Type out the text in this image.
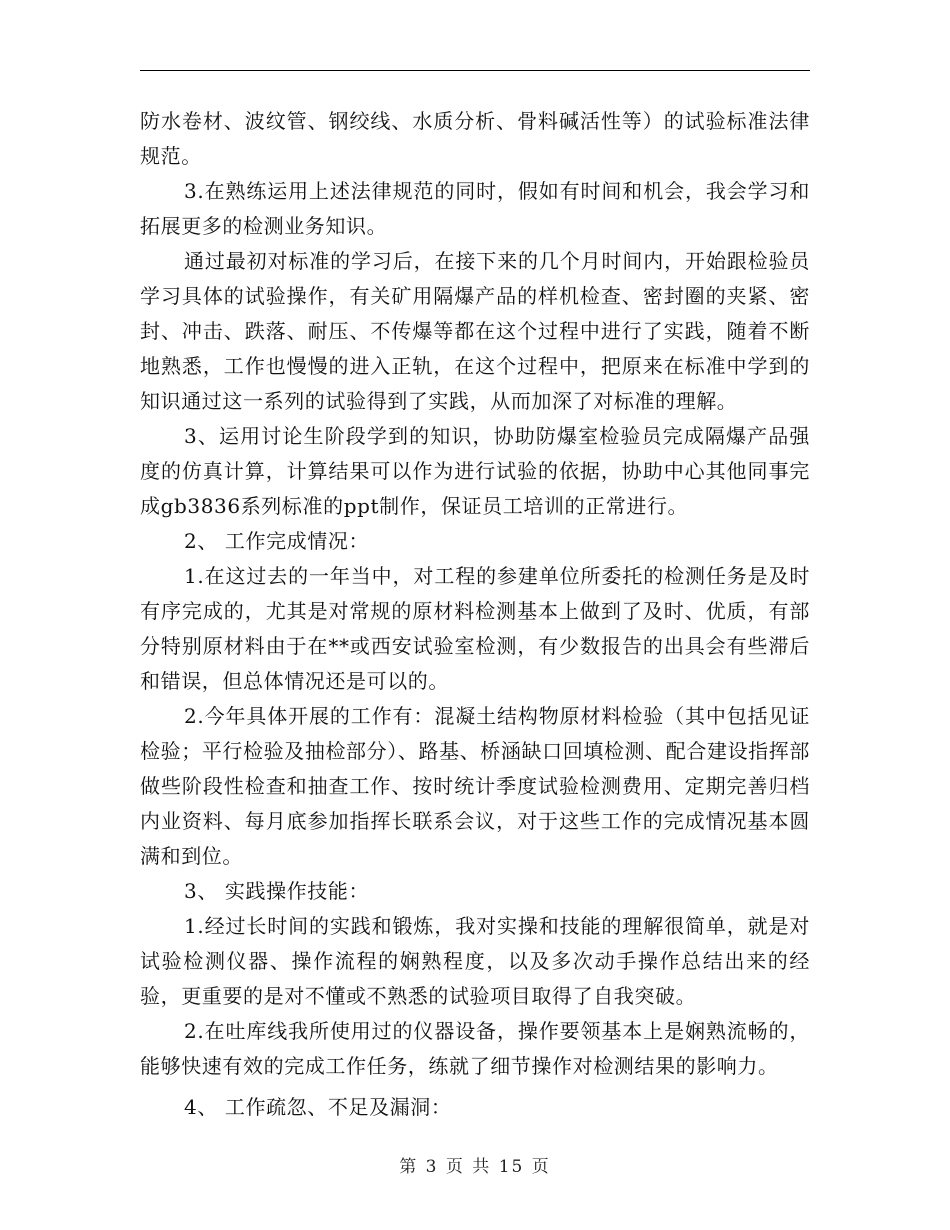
防水卷材、波纹管、钢绞线、水质分析、骨料碱活性等）的试验标准法律规范。

3.在熟练运用上述法律规范的同时，假如有时间和机会，我会学习和拓展更多的检测业务知识。

通过最初对标准的学习后，在接下来的几个月时间内，开始跟检验员学习具体的试验操作，有关矿用隔爆产品的样机检查、密封圈的夹紧、密封、冲击、跌落、耐压、不传爆等都在这个过程中进行了实践，随着不断地熟悉，工作也慢慢的进入正轨，在这个过程中，把原来在标准中学到的知识通过这一系列的试验得到了实践，从而加深了对标准的理解。

3、运用讨论生阶段学到的知识，协助防爆室检验员完成隔爆产品强度的仿真计算，计算结果可以作为进行试验的依据，协助中心其他同事完成gb3836系列标准的ppt制作，保证员工培训的正常进行。

2、 工作完成情况：

1.在这过去的一年当中，对工程的参建单位所委托的检测任务是及时有序完成的，尤其是对常规的原材料检测基本上做到了及时、优质，有部分特别原材料由于在**或西安试验室检测，有少数报告的出具会有些滞后和错误，但总体情况还是可以的。

2.今年具体开展的工作有：混凝土结构物原材料检验（其中包括见证检验；平行检验及抽检部分）、路基、桥涵缺口回填检测、配合建设指挥部做些阶段性检查和抽查工作、按时统计季度试验检测费用、定期完善归档内业资料、每月底参加指挥长联系会议，对于这些工作的完成情况基本圆满和到位。

3、 实践操作技能：

1.经过长时间的实践和锻炼，我对实操和技能的理解很简单，就是对试验检测仪器、操作流程的娴熟程度，以及多次动手操作总结出来的经验，更重要的是对不懂或不熟悉的试验项目取得了自我突破。

2.在吐库线我所使用过的仪器设备，操作要领基本上是娴熟流畅的，能够快速有效的完成工作任务，练就了细节操作对检测结果的影响力。

4、 工作疏忽、不足及漏洞：

第 3 页 共 15 页
